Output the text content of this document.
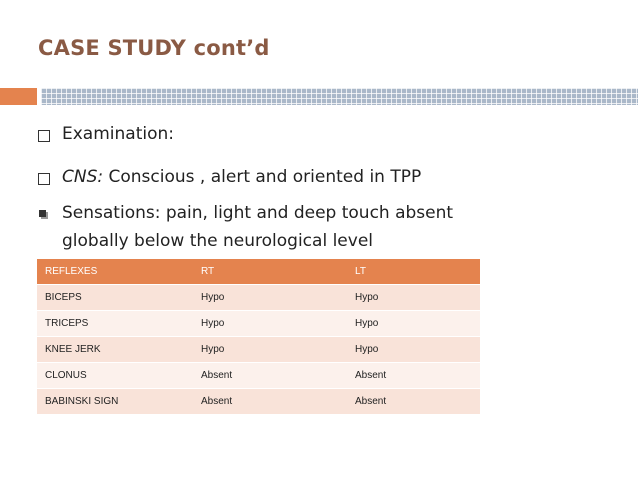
CASE STUDY cont’d
Examination:
CNS: Conscious , alert and oriented in TPP
Sensations: pain, light and deep touch absent
globally below the neurological level
REFLEXES	RT	LT
BICEPS	Hypo	Hypo
TRICEPS	Hypo	Hypo
KNEE JERK	Hypo	Hypo
CLONUS	Absent	Absent
BABINSKI SIGN	Absent	Absent
